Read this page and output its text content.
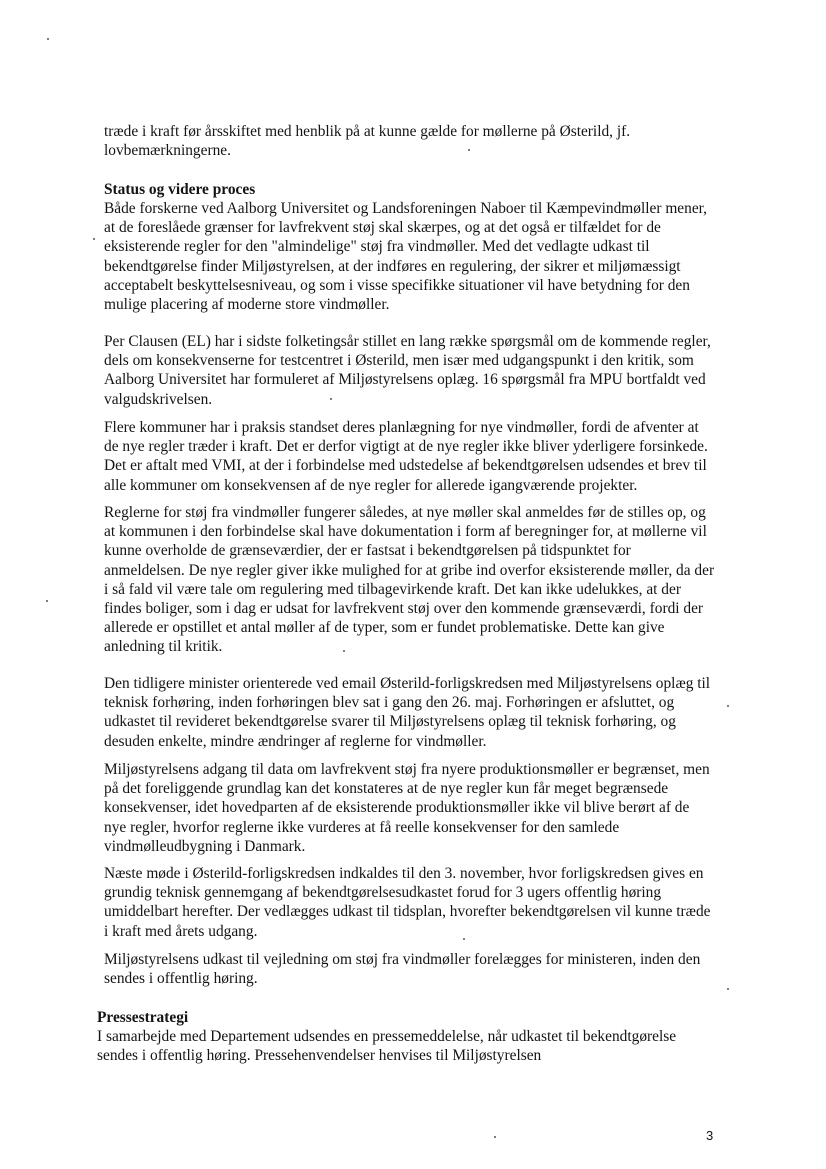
træde i kraft før årsskiftet med henblik på at kunne gælde for møllerne på Østerild, jf.
lovbemærkningerne.
Status og videre proces
Både forskerne ved Aalborg Universitet og Landsforeningen Naboer til Kæmpevindmøller mener,
at de foreslåede grænser for lavfrekvent støj skal skærpes, og at det også er tilfældet for de
eksisterende regler for den "almindelige" støj fra vindmøller. Med det vedlagte udkast til
bekendtgørelse finder Miljøstyrelsen, at der indføres en regulering, der sikrer et miljømæssigt
acceptabelt beskyttelsesniveau, og som i visse specifikke situationer vil have betydning for den
mulige placering af moderne store vindmøller.
Per Clausen (EL) har i sidste folketingsår stillet en lang række spørgsmål om de kommende regler,
dels om konsekvenserne for testcentret i Østerild, men især med udgangspunkt i den kritik, som
Aalborg Universitet har formuleret af Miljøstyrelsens oplæg. 16 spørgsmål fra MPU bortfaldt ved
valgudskrivelsen.
Flere kommuner har i praksis standset deres planlægning for nye vindmøller, fordi de afventer at
de nye regler træder i kraft. Det er derfor vigtigt at de nye regler ikke bliver yderligere forsinkede.
Det er aftalt med VMI, at der i forbindelse med udstedelse af bekendtgørelsen udsendes et brev til
alle kommuner om konsekvensen af de nye regler for allerede igangværende projekter.
Reglerne for støj fra vindmøller fungerer således, at nye møller skal anmeldes før de stilles op, og
at kommunen i den forbindelse skal have dokumentation i form af beregninger for, at møllerne vil
kunne overholde de grænseværdier, der er fastsat i bekendtgørelsen på tidspunktet for
anmeldelsen. De nye regler giver ikke mulighed for at gribe ind overfor eksisterende møller, da der
i så fald vil være tale om regulering med tilbagevirkende kraft. Det kan ikke udelukkes, at der
findes boliger, som i dag er udsat for lavfrekvent støj over den kommende grænseværdi, fordi der
allerede er opstillet et antal møller af de typer, som er fundet problematiske. Dette kan give
anledning til kritik.
Den tidligere minister orienterede ved email Østerild-forligskredsen med Miljøstyrelsens oplæg til
teknisk forhøring, inden forhøringen blev sat i gang den 26. maj. Forhøringen er afsluttet, og
udkastet til revideret bekendtgørelse svarer til Miljøstyrelsens oplæg til teknisk forhøring, og
desuden enkelte, mindre ændringer af reglerne for vindmøller.
Miljøstyrelsens adgang til data om lavfrekvent støj fra nyere produktionsmøller er begrænset, men
på det foreliggende grundlag kan det konstateres at de nye regler kun får meget begrænsede
konsekvenser, idet hovedparten af de eksisterende produktionsmøller ikke vil blive berørt af de
nye regler, hvorfor reglerne ikke vurderes at få reelle konsekvenser for den samlede
vindmølleudbygning i Danmark.
Næste møde i Østerild-forligskredsen indkaldes til den 3. november, hvor forligskredsen gives en
grundig teknisk gennemgang af bekendtgørelsesudkastet forud for 3 ugers offentlig høring
umiddelbart herefter. Der vedlægges udkast til tidsplan, hvorefter bekendtgørelsen vil kunne træde
i kraft med årets udgang.
Miljøstyrelsens udkast til vejledning om støj fra vindmøller forelægges for ministeren, inden den
sendes i offentlig høring.
Pressestrategi
I samarbejde med Departement udsendes en pressemeddelelse, når udkastet til bekendtgørelse
sendes i offentlig høring. Pressehenvendelser henvises til Miljøstyrelsen
3
